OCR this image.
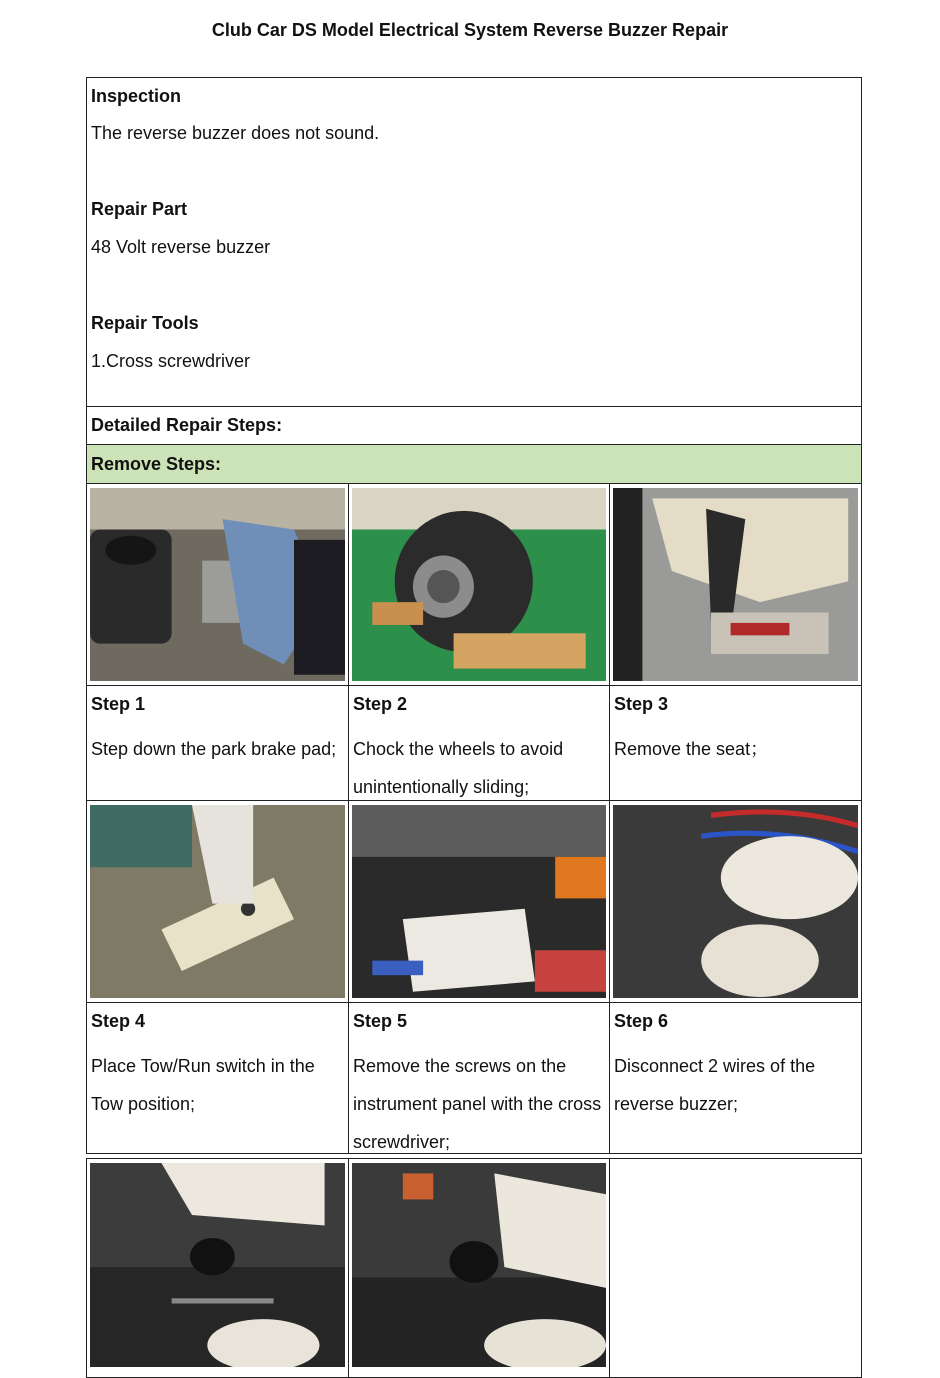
Club Car DS Model Electrical System Reverse Buzzer Repair
Inspection
The reverse buzzer does not sound.
Repair Part
48 Volt reverse buzzer
Repair Tools
1.Cross screwdriver
Detailed Repair Steps:
Remove Steps:
Step 1
Step down the park brake pad;
Step 2
Chock the wheels to avoid unintentionally sliding;
Step 3
Remove the seat；
Step 4
Place Tow/Run switch in the Tow position;
Step 5
Remove the screws on the instrument panel with the cross screwdriver;
Step 6
Disconnect 2 wires of the reverse buzzer;
